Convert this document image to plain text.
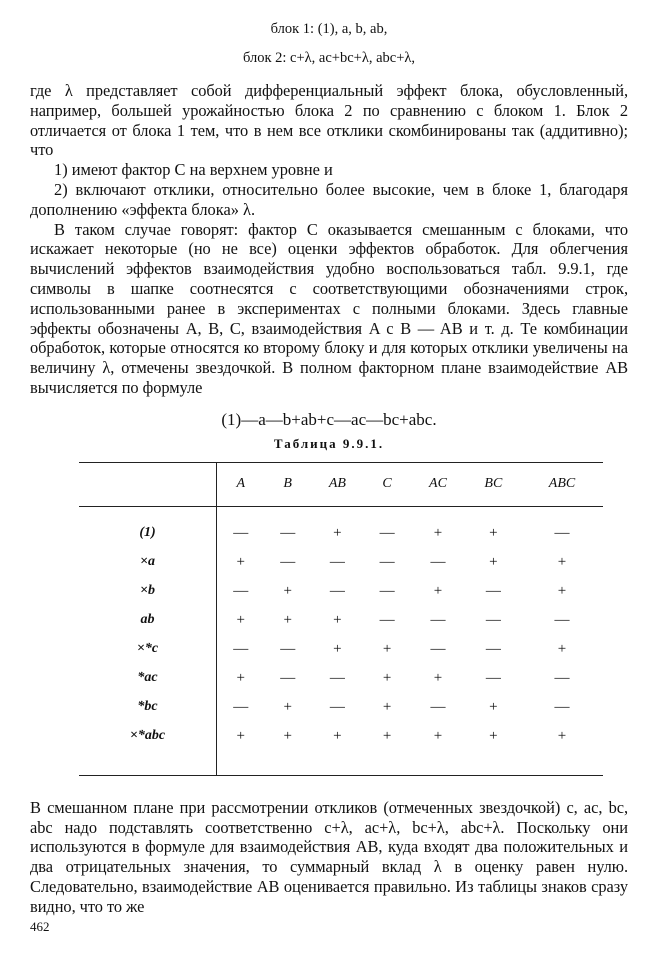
блок 1: (1), a, b, ab,

блок 2: c+λ, ac+bc+λ, abc+λ,

где λ представляет собой дифференциальный эффект блока, обусловленный, например, большей урожайностью блока 2 по сравнению с блоком 1. Блок 2 отличается от блока 1 тем, что в нем все отклики скомбинированы так (аддитивно); что

1) имеют фактор C на верхнем уровне и

2) включают отклики, относительно более высокие, чем в блоке 1, благодаря дополнению «эффекта блока» λ.

В таком случае говорят: фактор C оказывается смешанным с блоками, что искажает некоторые (но не все) оценки эффектов обработок. Для облегчения вычислений эффектов взаимодействия удобно воспользоваться табл. 9.9.1, где символы в шапке соотнесятся с соответствующими обозначениями строк, использованными ранее в экспериментах с полными блоками. Здесь главные эффекты обозначены A, B, C, взаимодействия A с B — AB и т. д. Те комбинации обработок, которые относятся ко второму блоку и для которых отклики увеличены на величину λ, отмечены звездочкой. В полном факторном плане взаимодействие AB вычисляется по формуле

(1)—a—b+ab+c—ac—bc+abc.

Таблица 9.9.1.
	A	B	AB	C	AC	BC	ABC
(1)	—	—	+	—	+	+	—
×a	+	—	—	—	—	+	+
×b	—	+	—	—	+	—	+
ab	+	+	+	—	—	—	—
×*c	—	—	+	+	—	—	+
*ac	+	—	—	+	+	—	—
*bc	—	+	—	+	—	+	—
×*abc	+	+	+	+	+	+	+

В смешанном плане при рассмотрении откликов (отмеченных звездочкой) c, ac, bc, abc надо подставлять соответственно c+λ, ac+λ, bc+λ, abc+λ. Поскольку они используются в формуле для взаимодействия AB, куда входят два положительных и два отрицательных значения, то суммарный вклад λ в оценку равен нулю. Следовательно, взаимодействие AB оценивается правильно. Из таблицы знаков сразу видно, что то же

462
